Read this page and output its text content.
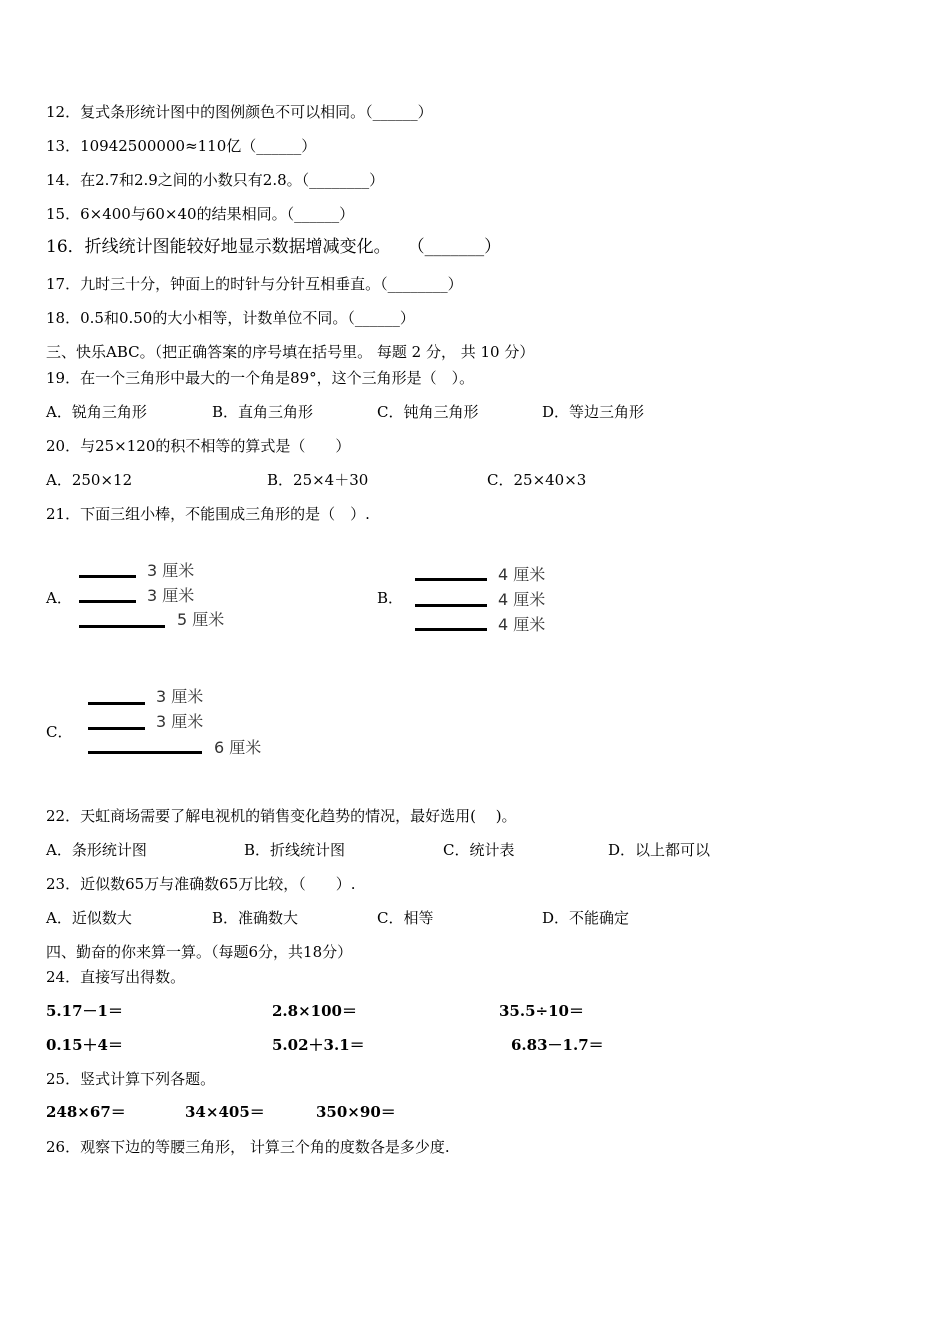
12．复式条形统计图中的图例颜色不可以相同。（______）
13．10942500000≈110亿（______）
14．在2.7和2.9之间的小数只有2.8。（________）
15．6×400与60×40的结果相同。（______）
16．折线统计图能较好地显示数据增减变化。　　（_______）
17．九时三十分，钟面上的时针与分针互相垂直。（________）
18．0.5和0.50的大小相等，计数单位不同。（______）
三、快乐ABC。（把正确答案的序号填在括号里。 每题 2 分， 共 10 分）
19．在一个三角形中最大的一个角是89°，这个三角形是（　）。
A．锐角三角形	B．直角三角形	C．钝角三角形	D．等边三角形
20．与25×120的积不相等的算式是（　　）
A．250×12	B．25×4＋30	C．25×40×3
21．下面三组小棒，不能围成三角形的是（　）.
A．
3 厘米
3 厘米
5 厘米
B．
4 厘米
4 厘米
4 厘米
C．
3 厘米
3 厘米
6 厘米
22．天虹商场需要了解电视机的销售变化趋势的情况，最好选用(　 )。
A．条形统计图	B．折线统计图	C．统计表	D．以上都可以
23．近似数65万与准确数65万比较，（　　）.
A．近似数大	B．准确数大	C．相等	D．不能确定
四、勤奋的你来算一算。（每题6分，共18分）
24．直接写出得数。
5.17－1＝	2.8×100＝	35.5÷10＝
0.15＋4＝	5.02＋3.1＝	6.83－1.7＝
25．竖式计算下列各题。
248×67＝	34×405＝	350×90＝
26．观察下边的等腰三角形， 计算三个角的度数各是多少度.
